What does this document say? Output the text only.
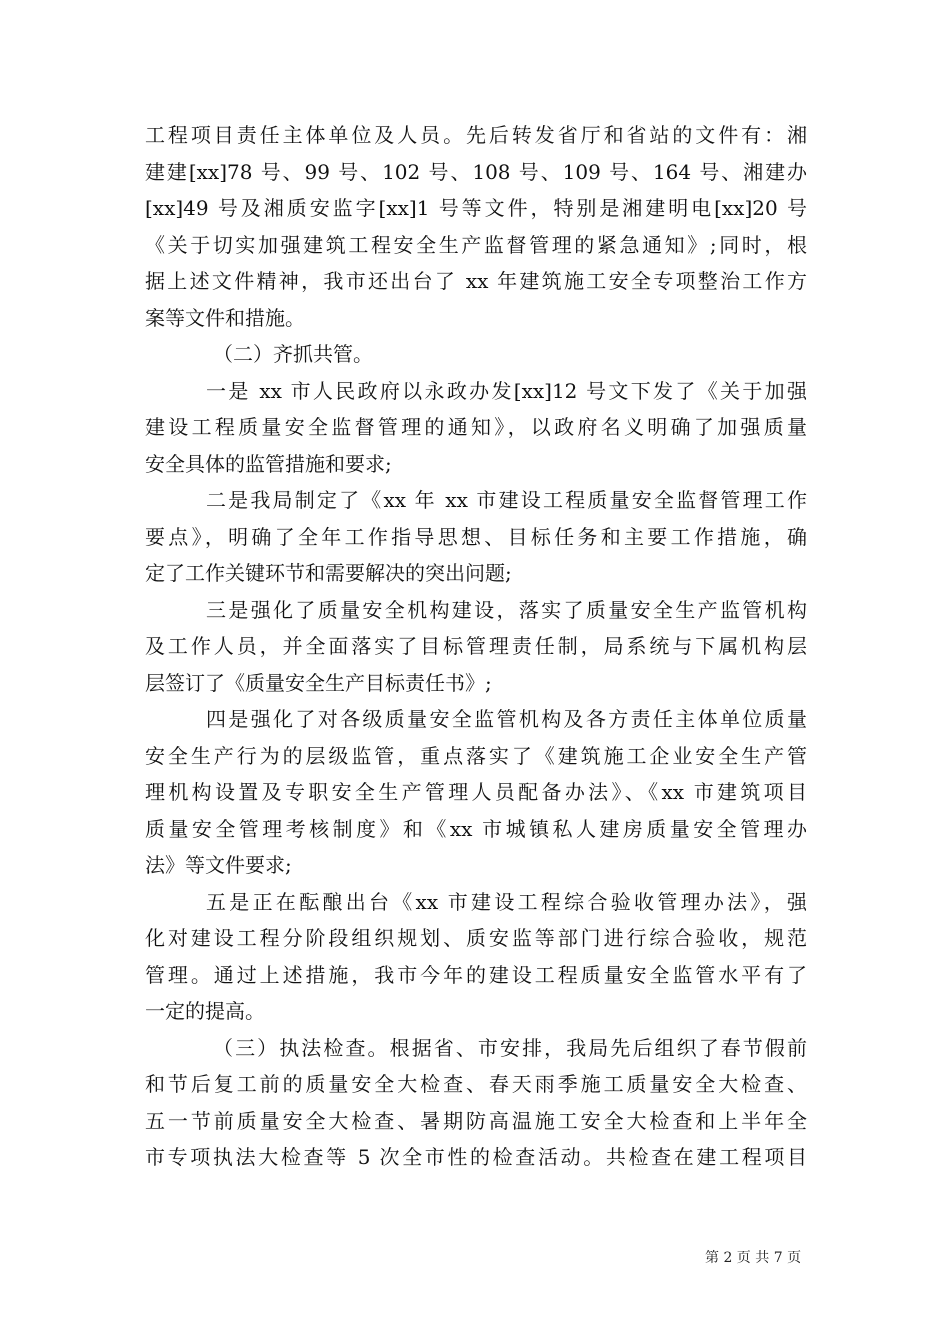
工程项目责任主体单位及人员。先后转发省厅和省站的文件有：湘
建建[xx]78 号、99 号、102 号、108 号、109 号、164 号、湘建办
[xx]49 号及湘质安监字[xx]1 号等文件，特别是湘建明电[xx]20 号
《关于切实加强建筑工程安全生产监督管理的紧急通知》;同时，根
据上述文件精神，我市还出台了 xx 年建筑施工安全专项整治工作方
案等文件和措施。
（二）齐抓共管。
一是 xx 市人民政府以永政办发[xx]12 号文下发了《关于加强
建设工程质量安全监督管理的通知》，以政府名义明确了加强质量
安全具体的监管措施和要求;
二是我局制定了《xx 年 xx 市建设工程质量安全监督管理工作
要点》，明确了全年工作指导思想、目标任务和主要工作措施，确
定了工作关键环节和需要解决的突出问题;
三是强化了质量安全机构建设，落实了质量安全生产监管机构
及工作人员，并全面落实了目标管理责任制，局系统与下属机构层
层签订了《质量安全生产目标责任书》;
四是强化了对各级质量安全监管机构及各方责任主体单位质量
安全生产行为的层级监管，重点落实了《建筑施工企业安全生产管
理机构设置及专职安全生产管理人员配备办法》、《xx 市建筑项目
质量安全管理考核制度》和《xx 市城镇私人建房质量安全管理办
法》等文件要求;
五是正在酝酿出台《xx 市建设工程综合验收管理办法》，强
化对建设工程分阶段组织规划、质安监等部门进行综合验收，规范
管理。通过上述措施，我市今年的建设工程质量安全监管水平有了
一定的提高。
（三）执法检查。根据省、市安排，我局先后组织了春节假前
和节后复工前的质量安全大检查、春天雨季施工质量安全大检查、
五一节前质量安全大检查、暑期防高温施工安全大检查和上半年全
市专项执法大检查等 5 次全市性的检查活动。共检查在建工程项目
第 2 页 共 7 页
